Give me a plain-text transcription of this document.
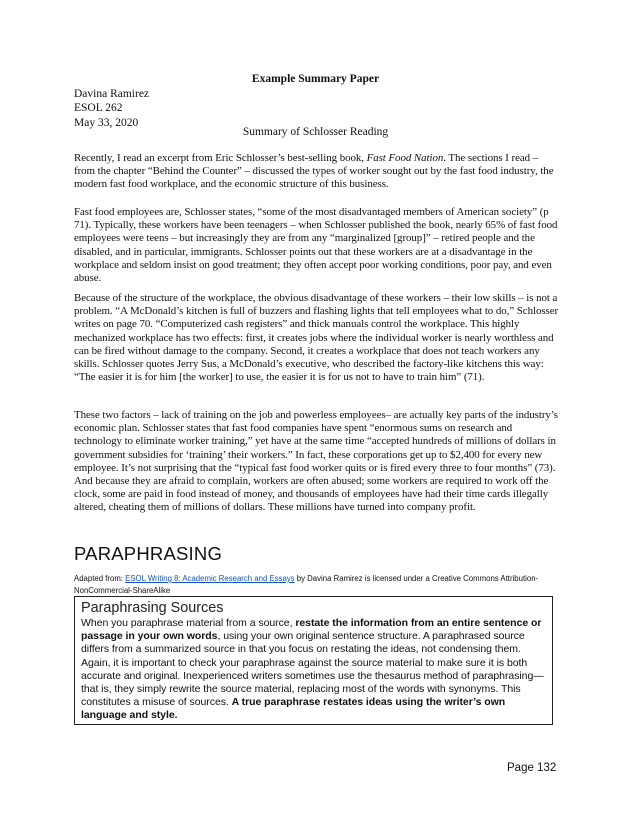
Example Summary Paper
Davina Ramirez
ESOL 262
May 33, 2020
Summary of Schlosser Reading

Recently, I read an excerpt from Eric Schlosser’s best-selling book, Fast Food Nation. The sections I read – from the chapter “Behind the Counter” – discussed the types of worker sought out by the fast food industry, the modern fast food workplace, and the economic structure of this business.

Fast food employees are, Schlosser states, “some of the most disadvantaged members of American society” (p 71). Typically, these workers have been teenagers – when Schlosser published the book, nearly 65% of fast food employees were teens – but increasingly they are from any “marginalized [group]” – retired people and the disabled, and in particular, immigrants. Schlosser points out that these workers are at a disadvantage in the workplace and seldom insist on good treatment; they often accept poor working conditions, poor pay, and even abuse.

Because of the structure of the workplace, the obvious disadvantage of these workers – their low skills – is not a problem. “A McDonald’s kitchen is full of buzzers and flashing lights that tell employees what to do,” Schlosser writes on page 70. “Computerized cash registers” and thick manuals control the workplace. This highly mechanized workplace has two effects: first, it creates jobs where the individual worker is nearly worthless and can be fired without damage to the company. Second, it creates a workplace that does not teach workers any skills. Schlosser quotes Jerry Sus, a McDonald’s executive, who described the factory-like kitchens this way: “The easier it is for him [the worker] to use, the easier it is for us not to have to train him” (71).

These two factors – lack of training on the job and powerless employees– are actually key parts of the industry’s economic plan. Schlosser states that fast food companies have spent “enormous sums on research and technology to eliminate worker training,” yet have at the same time “accepted hundreds of millions of dollars in government subsidies for ‘training’ their workers.” In fact, these corporations get up to $2,400 for every new employee. It’s not surprising that the “typical fast food worker quits or is fired every three to four months” (73). And because they are afraid to complain, workers are often abused; some workers are required to work off the clock, some are paid in food instead of money, and thousands of employees have had their time cards illegally altered, cheating them of millions of dollars. These millions have turned into company profit.

PARAPHRASING
Adapted from: ESOL Writing 8: Academic Research and Essays by Davina Ramirez is licensed under a Creative Commons Attribution-NonCommercial-ShareAlike
Paraphrasing Sources

When you paraphrase material from a source, restate the information from an entire sentence or passage in your own words, using your own original sentence structure. A paraphrased source differs from a summarized source in that you focus on restating the ideas, not condensing them. Again, it is important to check your paraphrase against the source material to make sure it is both accurate and original. Inexperienced writers sometimes use the thesaurus method of paraphrasing—that is, they simply rewrite the source material, replacing most of the words with synonyms. This constitutes a misuse of sources. A true paraphrase restates ideas using the writer’s own language and style.

Page 132
